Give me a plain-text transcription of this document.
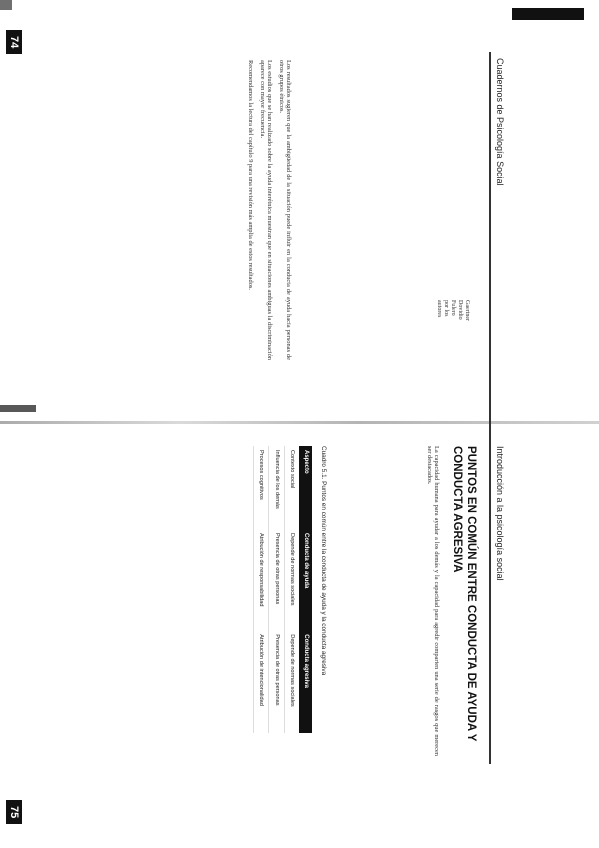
74
75
Cuadernos de Psicología Social
Gaertner
Dovidio
Fulero
por los
autores
Los resultados sugieren que la ambigüedad de la situación puede influir en la conducta de ayuda hacia personas de otros grupos étnicos.
Los estudios que se han realizado sobre la ayuda interétnica muestran que en situaciones ambiguas la discriminación aparece con mayor frecuencia.
Recomendamos la lectura del capítulo 9 para una revisión más amplia de estos resultados.
Introducción a la psicología social
PUNTOS EN COMÚN ENTRE CONDUCTA DE AYUDA Y CONDUCTA AGRESIVA
La capacidad humana para ayudar a los demás y la capacidad para agredir comparten una serie de rasgos que merecen ser destacados.
Cuadro 5.1. Puntos en común entre la conducta de ayuda y la conducta agresiva
Aspecto	Conducta de ayuda	Conducta agresiva
Contexto social	Depende de normas sociales	Depende de normas sociales
Influencia de los demás	Presencia de otras personas	Presencia de otras personas
Procesos cognitivos	Atribución de responsabilidad	Atribución de intencionalidad
